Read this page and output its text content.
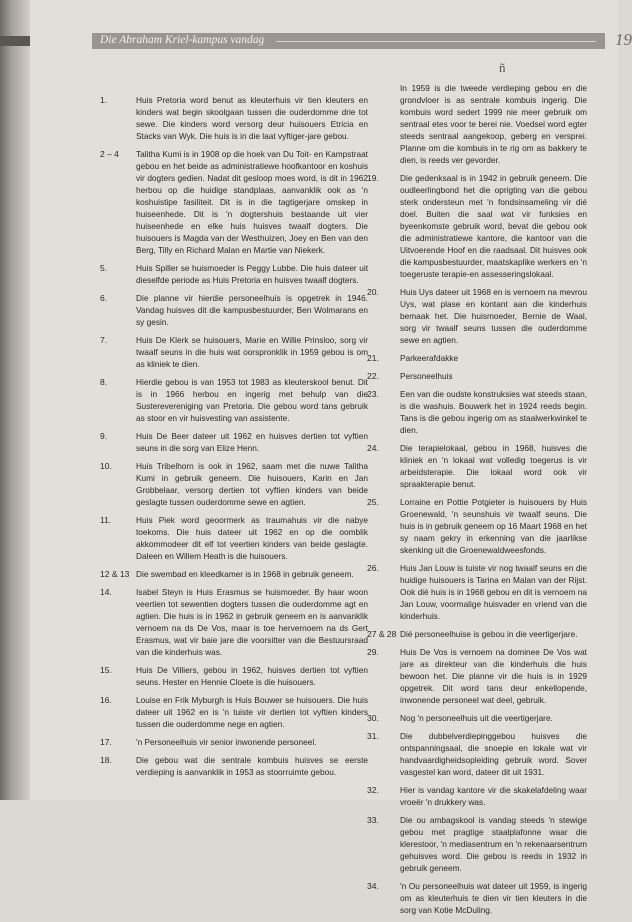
Die Abraham Kriel-kampus vandag	19
ñ
1.	Huis Pretoria word benut as kleuterhuis vir tien kleuters en kinders wat begin skoolgaan tussen die ouderdomme drie tot sewe. Die kinders word versorg deur huisouers Etricia en Stacks van Wyk. Die huis is in die laat vyftiger-jare gebou.
2 – 4	Talitha Kumi is in 1908 op die hoek van Du Toit- en Kampstraat gebou en het beide as administratiewe hoofkantoor en koshuis vir dogters gedien. Nadat dit gesloop moes word, is dit in 1962 herbou op die huidige standplaas, aanvanklik ook as 'n koshuistipe fasiliteit. Dit is in die tagtigerjare omskep in huiseenhede. Dit is 'n dogtershuis bestaande uit vier huiseenhede en elke huis huisves twaalf dogters. Die huisouers is Magda van der Westhuizen, Joey en Ben van den Berg, Tilly en Richard Malan en Martie van Niekerk.
5.	Huis Spiller se huismoeder is Peggy Lubbe. Die huis dateer uit dieselfde periode as Huis Pretoria en huisves twaalf dogters.
6.	Die planne vir hierdie personeelhuis is opgetrek in 1946. Vandag huisves dit die kampusbestuurder, Ben Wolmarans en sy gesin.
7.	Huis De Klerk se huisouers, Marie en Willie Prinsloo, sorg vir twaalf seuns in die huis wat oorspronklik in 1959 gebou is om as kliniek te dien.
8.	Hierdie gebou is van 1953 tot 1983 as kleuterskool benut. Dit is in 1966 herbou en ingerig met behulp van die Susterevereniging van Pretoria. Die gebou word tans gebruik as stoor en vir huisvesting van assistente.
9.	Huis De Beer dateer uit 1962 en huisves dertien tot vyftien seuns in die sorg van Elize Henn.
10.	Huis Tribelhorn is ook in 1962, saam met die nuwe Talitha Kumi in gebruik geneem. Die huisouers, Karin en Jan Grobbelaar, versorg dertien tot vyftien kinders van beide geslagte tussen ouderdomme sewe en agtien.
11.	Huis Piek word geoormerk as traumahuis vir die nabye toekoms. Die huis dateer uit 1962 en op die oomblik akkommodeer dit elf tot veertien kinders van beide geslagte. Daleen en Willem Heath is die huisouers.
12 & 13 Die swembad en kleedkamer is in 1968 in gebruik geneem.
14.	Isabel Steyn is Huis Erasmus se huismoeder. By haar woon veertien tot sewentien dogters tussen die ouderdomme agt en agtien. Die huis is in 1962 in gebruik geneem en is aanvanklik vernoem na ds De Vos, maar is toe hervernoem na ds Gert Erasmus, wat vir baie jare die voorsitter van die Bestuursraad van die kinderhuis was.
15.	Huis De Villiers, gebou in 1962, huisves dertien tot vyftien seuns. Hester en Hennie Cloete is die huisouers.
16.	Louise en Frik Myburgh is Huis Bouwer se huisouers. Die huis dateer uit 1962 en is 'n tuiste vir dertien tot vyftien kinders tussen die ouderdomme nege en agtien.
17.	'n Personeelhuis vir senior inwonende personeel.
18.	Die gebou wat die sentrale kombuis huisves se eerste verdieping is aanvanklik in 1953 as stoorruimte gebou.
In 1959 is die tweede verdieping gebou en die grondvloer is as sentrale kombuis ingerig. Die kombuis word sedert 1999 nie meer gebruik om sentraal etes voor te berei nie. Voedsel word egter steeds sentraal aangekoop, geberg en versprei. Planne om die kombuis in te rig om as bakkery te dien, is reeds ver gevorder.
19.	Die gedenksaal is in 1942 in gebruik geneem. Die oudleerlingbond het die oprigting van die gebou sterk ondersteun met 'n fondsinsameling vir dié doel. Buiten die saal wat vir funksies en byeenkomste gebruik word, bevat die gebou ook die administratiewe kantore, die kantoor van die Uitvoerende Hoof en die raadsaal. Dit huisves ook die kampusbestuurder, maatskaplike werkers en 'n toegeruste terapie-en assesseringslokaal.
20.	Huis Uys dateer uit 1968 en is vernoem na mevrou Uys, wat plase en kontant aan die kinderhuis bemaak het. Die huismoeder, Bernie de Waal, sorg vir twaalf seuns tussen die ouderdomme sewe en agtien.
21.	Parkeerafdakke
22.	Personeelhuis
23.	Een van die oudste konstruksies wat steeds staan, is die washuis. Bouwerk het in 1924 reeds begin. Tans is die gebou ingerig om as staalwerkwinkel te dien.
24.	Die terapielokaal, gebou in 1968, huisves die kliniek en 'n lokaal wat volledig toegerus is vir arbeidsterapie. Die lokaal word ook vir spraakterapie benut.
25.	Lorraine en Pottie Potgieter is huisouers by Huis Groenewald, 'n seunshuis vir twaalf seuns. Die huis is in gebruik geneem op 16 Maart 1968 en het sy naam gekry in erkenning van die jaarlikse skenking uit die Groenewaldweesfonds.
26.	Huis Jan Louw is tuiste vir nog twaalf seuns en die huidige huisouers is Tarina en Malan van der Rijst. Ook dié huis is in 1968 gebou en dit is vernoem na Jan Louw, voormalige huisvader en vriend van die kinderhuis.
27 & 28 Dié personeelhuise is gebou in die veertigerjare.
29.	Huis De Vos is vernoem na dominee De Vos wat jare as direkteur van die kinderhuis die huis bewoon het. Die planne vir die huis is in 1929 opgetrek. Dit word tans deur enkellopende, inwonende personeel wat deel, gebruik.
30.	Nog 'n personeelhuis uit die veertigerjare.
31.	Die dubbelverdiepinggebou huisves die ontspanningsaal, die snoepie en lokale wat vir handvaardigheidsopleiding gebruik word. Sover vasgestel kan word, dateer dit uit 1931.
32.	Hier is vandag kantore vir die skakelafdeling waar vroeër 'n drukkery was.
33.	Die ou ambagskool is vandag steeds 'n stewige gebou met pragtige staalplafonne waar die klerestoor, 'n mediasentrum en 'n rekenaarsentrum gehuisves word. Die gebou is reeds in 1932 in gebruik geneem.
34.	'n Ou personeelhuis wat dateer uit 1959, is ingerig om as kleuterhuis te dien vir tien kleuters in die sorg van Kotie McDuling.
